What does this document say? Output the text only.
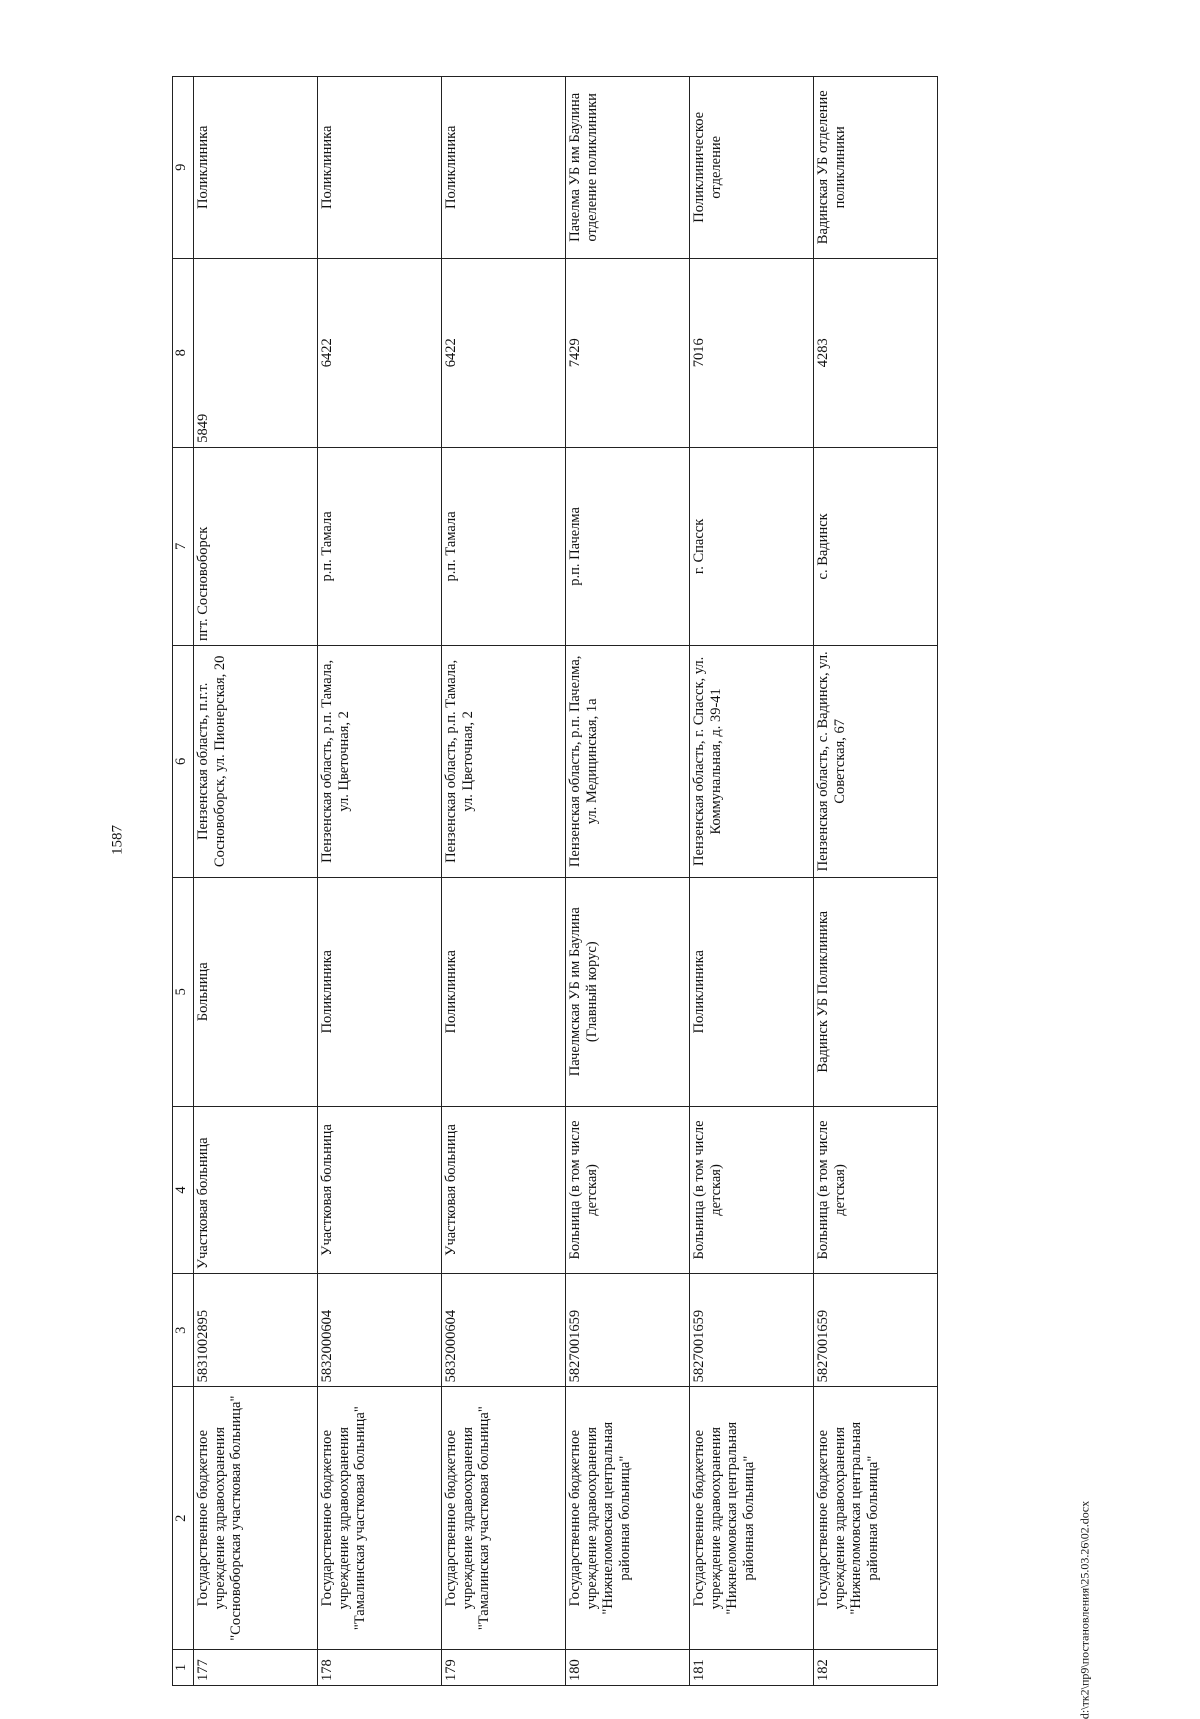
1587
1	2	3	4	5	6	7	8	9
177	Государственное бюджетное учреждение здравоохранения "Сосновоборская участковая больница"	5831002895	Участковая больница	Больница	Пензенская область, п.г.т. Сосновоборск, ул. Пионерская, 20	пгт. Сосновоборск	5849	Поликлиника
178	Государственное бюджетное учреждение здравоохранения "Тамалинская участковая больница"	5832000604	Участковая больница	Поликлиника	Пензенская область, р.п. Тамала, ул. Цветочная, 2	р.п. Тамала	6422	Поликлиника
179	Государственное бюджетное учреждение здравоохранения "Тамалинская участковая больница"	5832000604	Участковая больница	Поликлиника	Пензенская область, р.п. Тамала, ул. Цветочная, 2	р.п. Тамала	6422	Поликлиника
180	Государственное бюджетное учреждение здравоохранения "Нижнеломовская центральная районная больница"	5827001659	Больница (в том числе детская)	Пачелмская УБ им Баулина (Главный корус)	Пензенская область, р.п. Пачелма, ул. Медицинская, 1а	р.п. Пачелма	7429	Пачелма УБ им Баулина отделение поликлиники
181	Государственное бюджетное учреждение здравоохранения "Нижнеломовская центральная районная больница"	5827001659	Больница (в том числе детская)	Поликлиника	Пензенская область, г. Спасск, ул. Коммунальная, д. 39-41	г. Спасск	7016	Поликлиническое отделение
182	Государственное бюджетное учреждение здравоохранения "Нижнеломовская центральная районная больница"	5827001659	Больница (в том числе детская)	Вадинск УБ Поликлиника	Пензенская область, с. Вадинск, ул. Советская, 67	с. Вадинск	4283	Вадинская УБ отделение поликлиники
d:\тк2\пр9\постановления\25.03.26\02.docx
